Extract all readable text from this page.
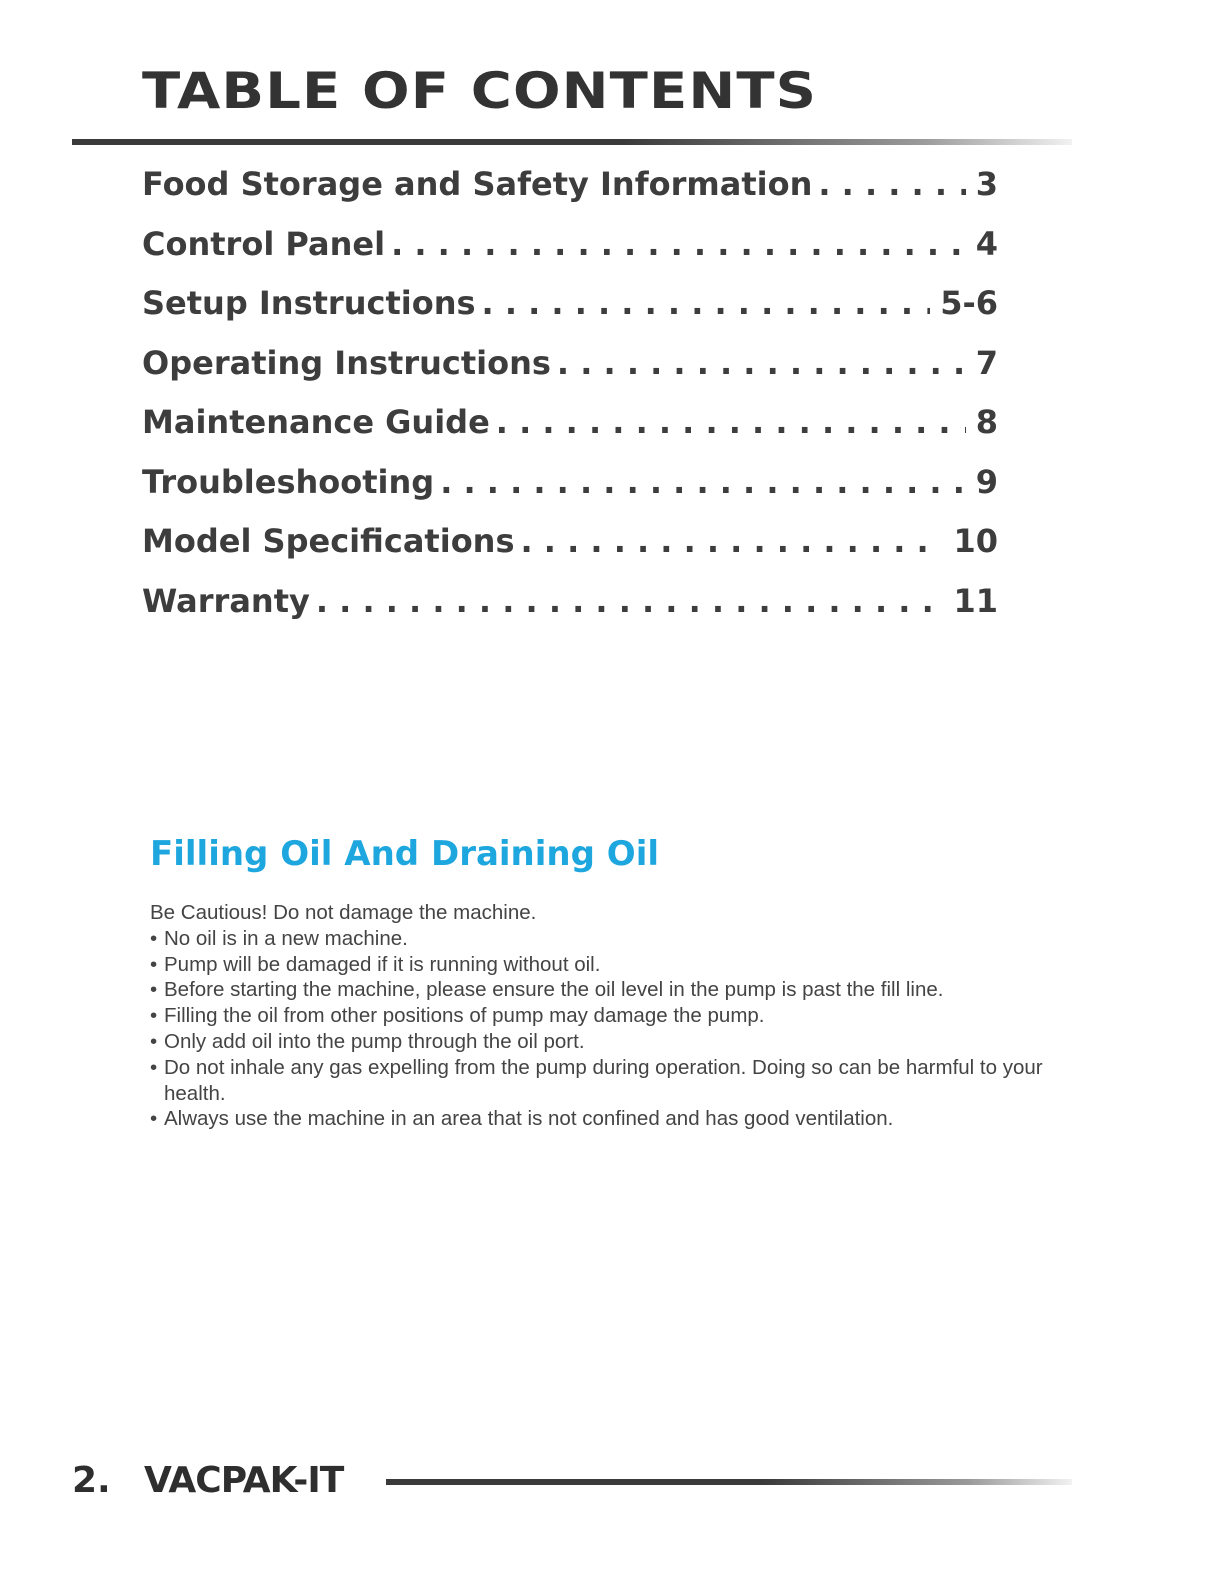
TABLE OF CONTENTS
Food Storage and Safety Information . . .	3
Control Panel . . .	4
Setup Instructions . . .	5-6
Operating Instructions . . .	7
Maintenance Guide . . .	8
Troubleshooting . . .	9
Model Specifications . . .	10
Warranty . . .	11
Filling Oil And Draining Oil

Be Cautious! Do not damage the machine.

• No oil is in a new machine.
• Pump will be damaged if it is running without oil.
• Before starting the machine, please ensure the oil level in the pump is past the fill line.
• Filling the oil from other positions of pump may damage the pump.
• Only add oil into the pump through the oil port.
• Do not inhale any gas expelling from the pump during operation. Doing so can be harmful to your health.
• Always use the machine in an area that is not confined and has good ventilation.
2. VACPAK-IT
